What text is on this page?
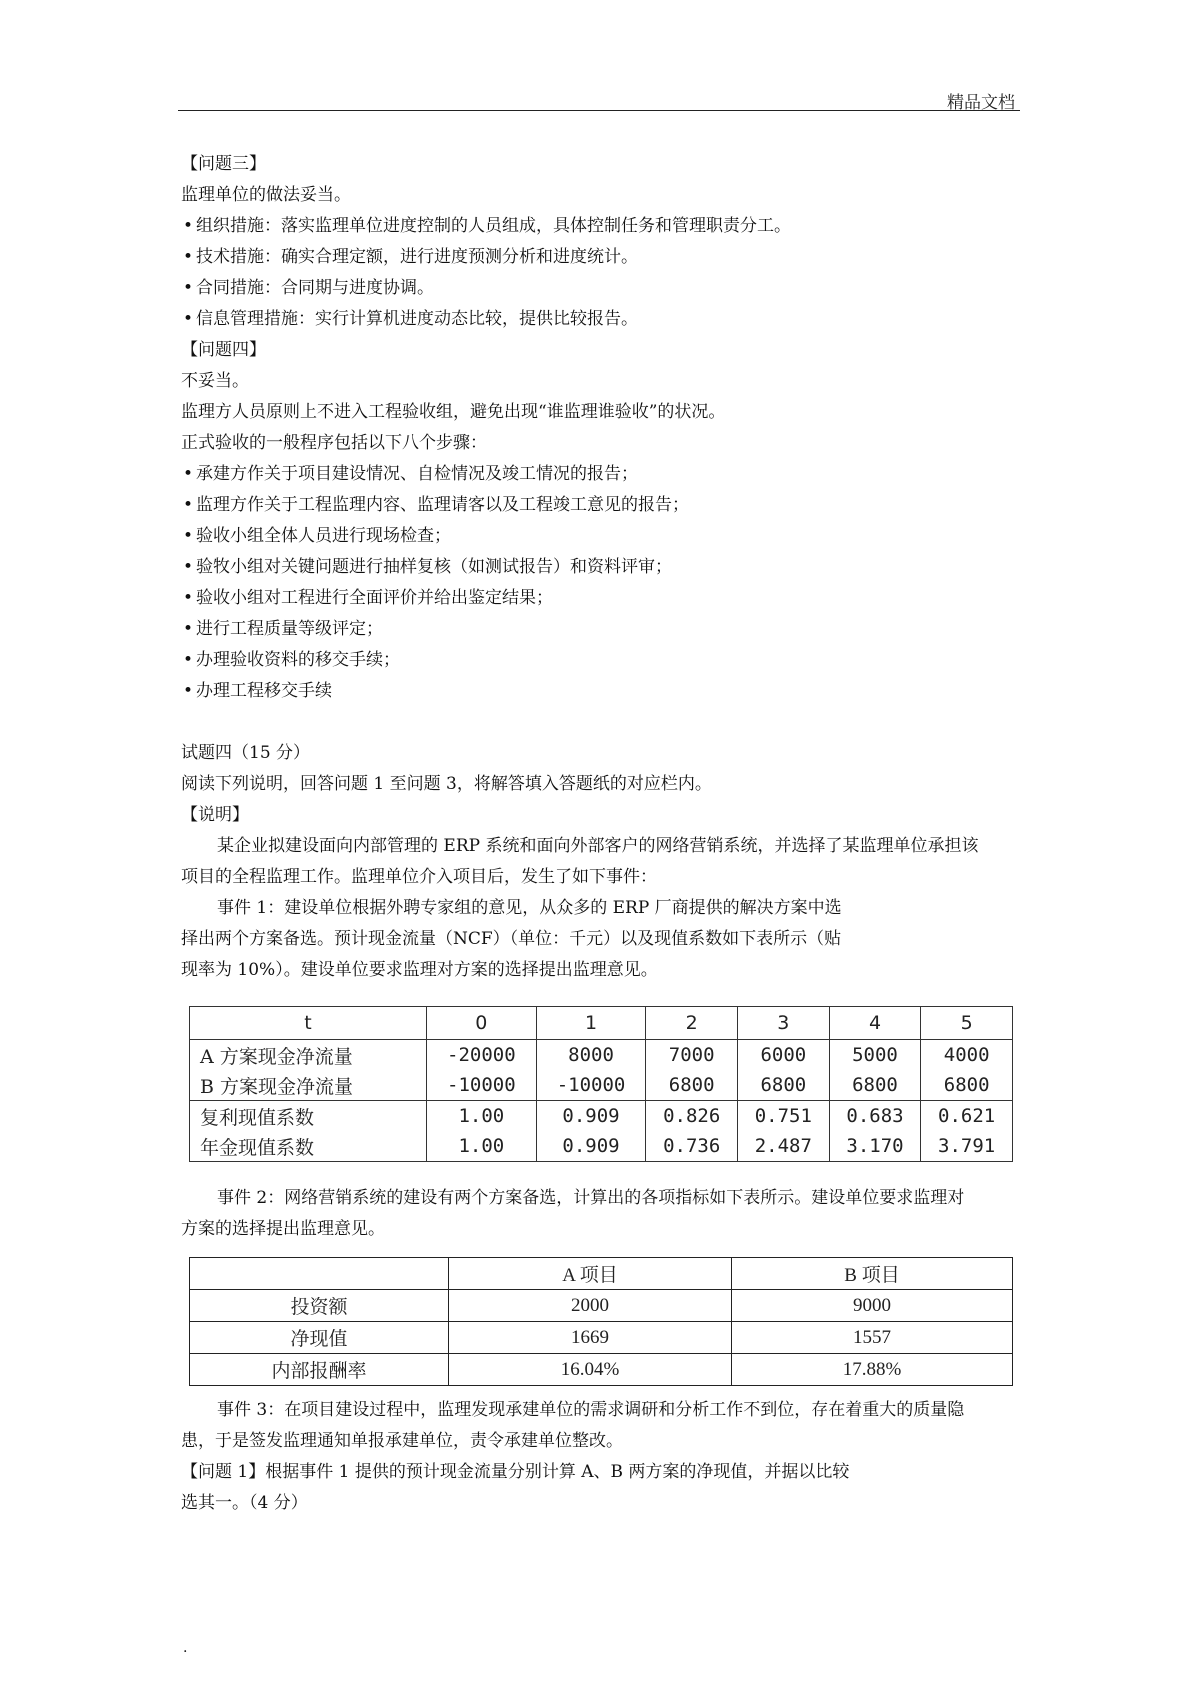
精品文档
【问题三】
监理单位的做法妥当。
• 组织措施：落实监理单位进度控制的人员组成，具体控制任务和管理职责分工。
• 技术措施：确实合理定额，进行进度预测分析和进度统计。
• 合同措施：合同期与进度协调。
• 信息管理措施：实行计算机进度动态比较，提供比较报告。
【问题四】
不妥当。
监理方人员原则上不进入工程验收组，避免出现“谁监理谁验收”的状况。
正式验收的一般程序包括以下八个步骤：
• 承建方作关于项目建设情况、自检情况及竣工情况的报告；
• 监理方作关于工程监理内容、监理请客以及工程竣工意见的报告；
• 验收小组全体人员进行现场检查；
• 验牧小组对关键问题进行抽样复核（如测试报告）和资料评审；
• 验收小组对工程进行全面评价并给出鉴定结果；
• 进行工程质量等级评定；
• 办理验收资料的移交手续；
• 办理工程移交手续
试题四（15 分）
阅读下列说明，回答问题 1 至问题 3，将解答填入答题纸的对应栏内。
【说明】
某企业拟建设面向内部管理的 ERP 系统和面向外部客户的网络营销系统，并选择了某监理单位承担该
项目的全程监理工作。监理单位介入项目后，发生了如下事件：
事件 1：建设单位根据外聘专家组的意见，从众多的 ERP 厂商提供的解决方案中选
择出两个方案备选。预计现金流量（NCF）（单位：千元）以及现值系数如下表所示（贴
现率为 10%）。建设单位要求监理对方案的选择提出监理意见。
t	0	1	2	3	4	5
A 方案现金净流量	-20000	8000	7000	6000	5000	4000
B 方案现金净流量	-10000	-10000	6800	6800	6800	6800
复利现值系数	1.00	0.909	0.826	0.751	0.683	0.621
年金现值系数	1.00	0.909	0.736	2.487	3.170	3.791
事件 2：网络营销系统的建设有两个方案备选，计算出的各项指标如下表所示。建设单位要求监理对
方案的选择提出监理意见。
	A 项目	B 项目
投资额	2000	9000
净现值	1669	1557
内部报酬率	16.04%	17.88%
事件 3：在项目建设过程中，监理发现承建单位的需求调研和分析工作不到位，存在着重大的质量隐
患，于是签发监理通知单报承建单位，责令承建单位整改。
【问题 1】根据事件 1 提供的预计现金流量分别计算 A、B 两方案的净现值，并据以比较
选其一。（4 分）
.
